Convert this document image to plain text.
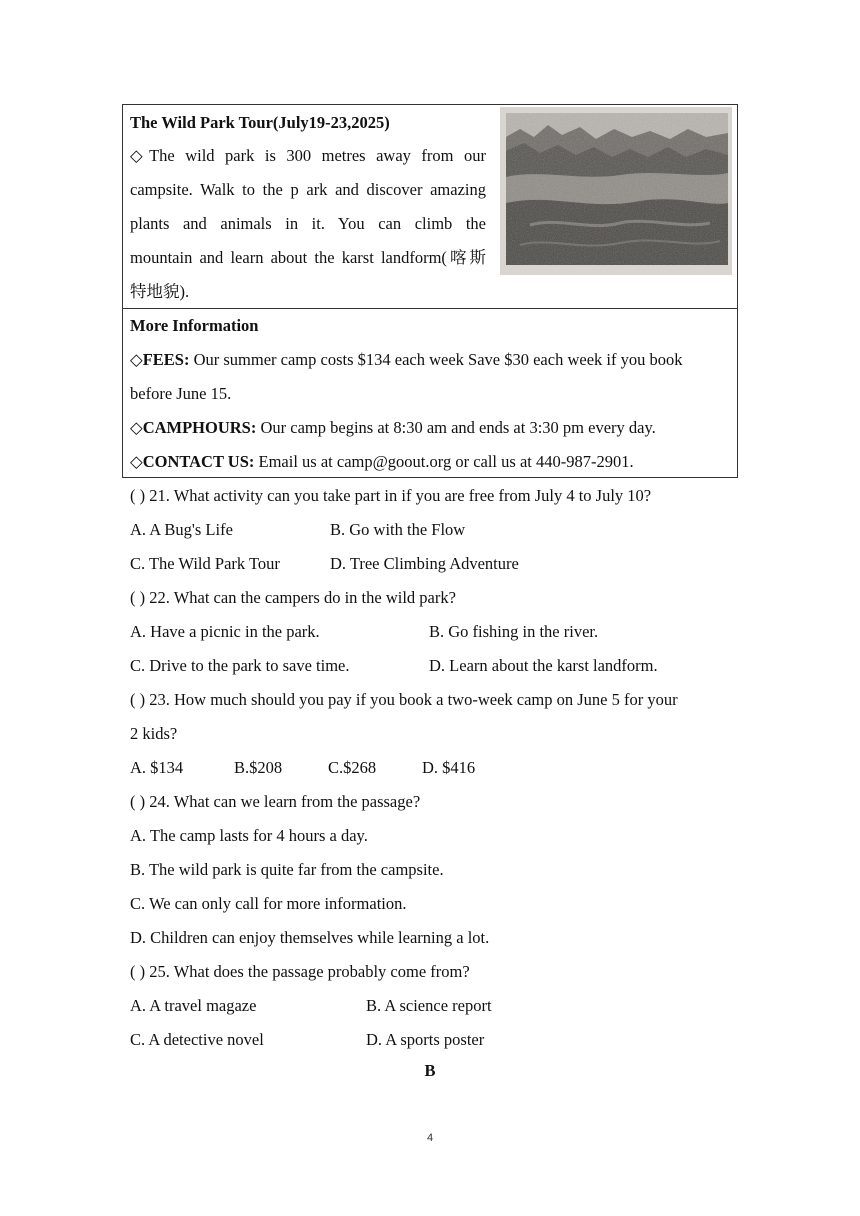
The Wild Park Tour(July19-23,2025)
◇The wild park is 300 metres away from our
campsite. Walk to the p ark and discover amazing
plants and animals in it. You can climb the
mountain and learn about the karst landform(喀斯
特地貌).
More Information
◇FEES: Our summer camp costs $134 each week Save $30 each week if you book
before June 15.
◇CAMPHOURS: Our camp begins at 8:30 am and ends at 3:30 pm every day.
◇CONTACT US: Email us at camp@goout.org or call us at 440-987-2901.
( ) 21. What activity can you take part in if you are free from July 4 to July 10?
A. A Bug's Life	B. Go with the Flow
C. The Wild Park Tour	D. Tree Climbing Adventure
( ) 22. What can the campers do in the wild park?
A. Have a picnic in the park.	B. Go fishing in the river.
C. Drive to the park to save time.	D. Learn about the karst landform.
( ) 23. How much should you pay if you book a two-week camp on June 5 for your
2 kids?
A. $134	B.$208	C.$268	D. $416
( ) 24. What can we learn from the passage?
A. The camp lasts for 4 hours a day.
B. The wild park is quite far from the campsite.
C. We can only call for more information.
D. Children can enjoy themselves while learning a lot.
( ) 25. What does the passage probably come from?
A. A travel magaze	B. A science report
C. A detective novel	D. A sports poster
B
4
